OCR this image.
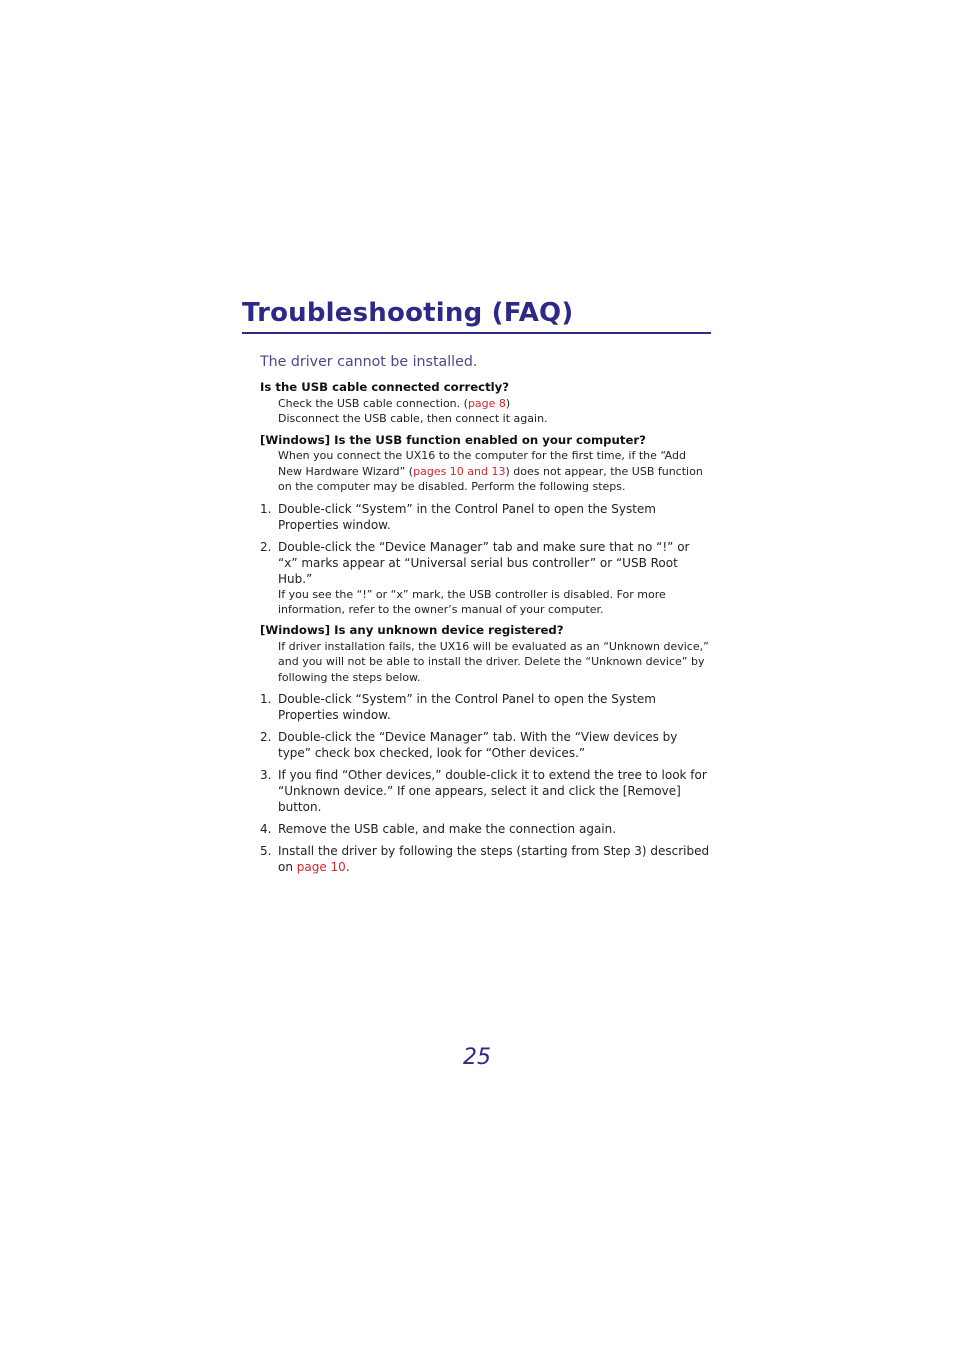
Troubleshooting (FAQ)
The driver cannot be installed.

Is the USB cable connected correctly?

Check the USB cable connection. (page 8)

Disconnect the USB cable, then connect it again.

[Windows] Is the USB function enabled on your computer?

When you connect the UX16 to the computer for the first time, if the “Add New Hardware Wizard” (pages 10 and 13) does not appear, the USB function on the computer may be disabled. Perform the following steps.

1. Double-click “System” in the Control Panel to open the System Properties window.
2. Double-click the “Device Manager” tab and make sure that no “!” or “x” marks appear at “Universal serial bus controller” or “USB Root Hub.”
If you see the “!” or “x” mark, the USB controller is disabled. For more information, refer to the owner’s manual of your computer.

[Windows] Is any unknown device registered?

If driver installation fails, the UX16 will be evaluated as an “Unknown device,” and you will not be able to install the driver. Delete the “Unknown device” by following the steps below.

1. Double-click “System” in the Control Panel to open the System Properties window.
2. Double-click the “Device Manager” tab. With the “View devices by type” check box checked, look for “Other devices.”
3. If you find “Other devices,” double-click it to extend the tree to look for “Unknown device.” If one appears, select it and click the [Remove] button.
4. Remove the USB cable, and make the connection again.
5. Install the driver by following the steps (starting from Step 3) described on page 10.
25
